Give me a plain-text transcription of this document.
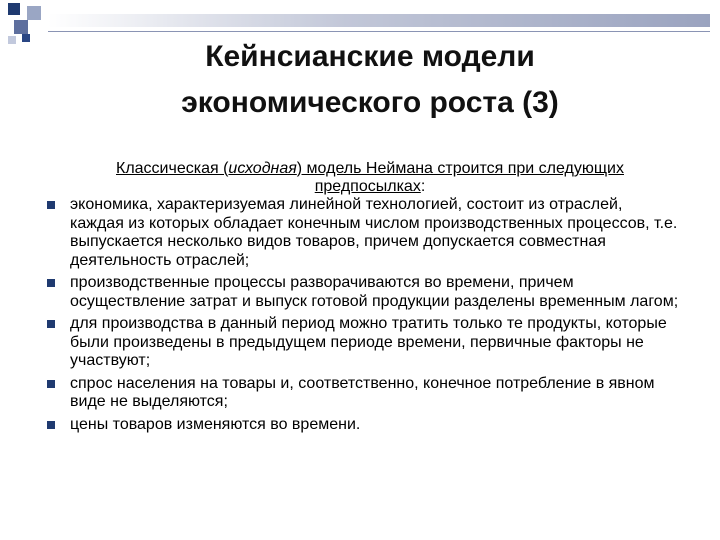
Кейнсианские модели
экономического роста (3)
Классическая (исходная) модель Неймана строится при следующих предпосылках:
экономика, характеризуемая линейной технологией, состоит из отраслей, каждая из которых обладает конечным числом производственных процессов, т.е. выпускается несколько видов товаров, причем допускается совместная деятельность отраслей;
производственные процессы разворачиваются во времени, причем осуществление затрат и выпуск готовой продукции разделены временным лагом;
для производства в данный период можно тратить только те продукты, которые были произведены в предыдущем периоде времени, первичные факторы не участвуют;
спрос населения на товары и, соответственно, конечное потребление в явном виде не выделяются;
цены товаров изменяются во времени.
